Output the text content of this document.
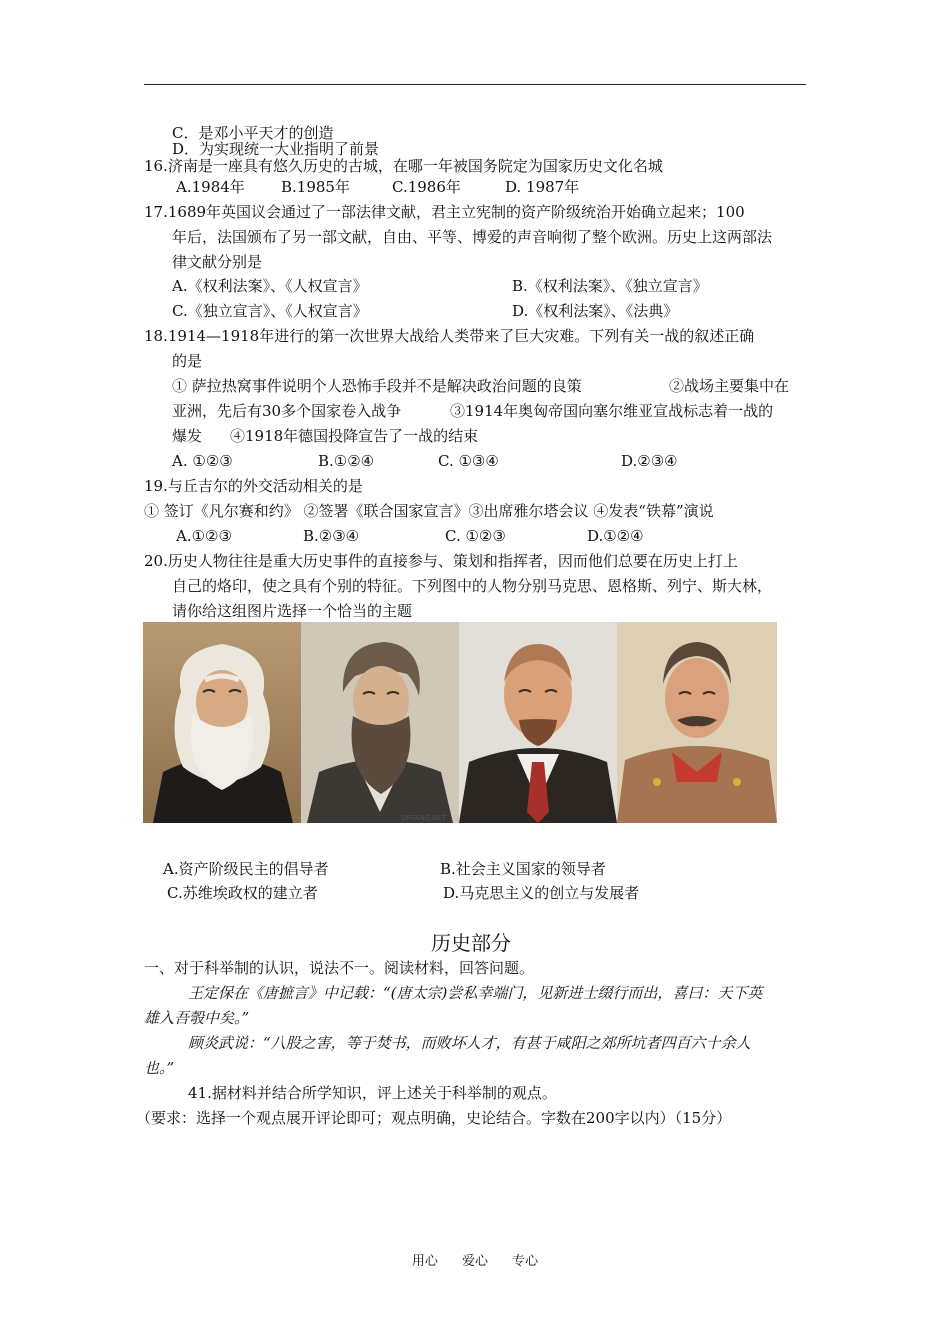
C．是邓小平天才的创造
D．为实现统一大业指明了前景
16.济南是一座具有悠久历史的古城，在哪一年被国务院定为国家历史文化名城
A.1984年 B.1985年	C.1986年	D. 1987年
17.1689年英国议会通过了一部法律文献，君主立宪制的资产阶级统治开始确立起来；100
年后，法国颁布了另一部文献，自由、平等、博爱的声音响彻了整个欧洲。历史上这两部法
律文献分别是
A.《权利法案》、《人权宣言》	B.《权利法案》、《独立宣言》
C.《独立宣言》、《人权宣言》	D.《权利法案》、《法典》
18.1914—1918年进行的第一次世界大战给人类带来了巨大灾难。下列有关一战的叙述正确
的是
① 萨拉热窝事件说明个人恐怖手段并不是解决政治问题的良策	②战场主要集中在
亚洲，先后有30多个国家卷入战争	③1914年奥匈帝国向塞尔维亚宣战标志着一战的
爆发 ④1918年德国投降宣告了一战的结束
A. ①②③	B.①②④	C. ①③④	D.②③④
19.与丘吉尔的外交活动相关的是
① 签订《凡尔赛和约》 ②签署《联合国家宣言》③出席雅尔塔会议 ④发表“铁幕”演说
A.①②③	B.②③④	C. ①②③	D.①②④
20.历史人物往往是重大历史事件的直接参与、策划和指挥者，因而他们总要在历史上打上
自己的烙印，使之具有个别的特征。下列图中的人物分别马克思、恩格斯、列宁、斯大林，
请你给这组图片选择一个恰当的主题
ORTANG.NET
A.资产阶级民主的倡导者	B.社会主义国家的领导者
C.苏维埃政权的建立者	D.马克思主义的创立与发展者
历史部分
一、对于科举制的认识，说法不一。阅读材料，回答问题。
王定保在《唐摭言》中记载：“(唐太宗)尝私幸端门，见新进士缀行而出，喜曰：天下英
雄入吾彀中矣。”
顾炎武说：“八股之害，等于焚书，而败坏人才，有甚于咸阳之郊所坑者四百六十余人
也。”
41.据材料并结合所学知识，评上述关于科举制的观点。
（要求：选择一个观点展开评论即可；观点明确，史论结合。字数在200字以内）（15分）
用心 爱心 专心
